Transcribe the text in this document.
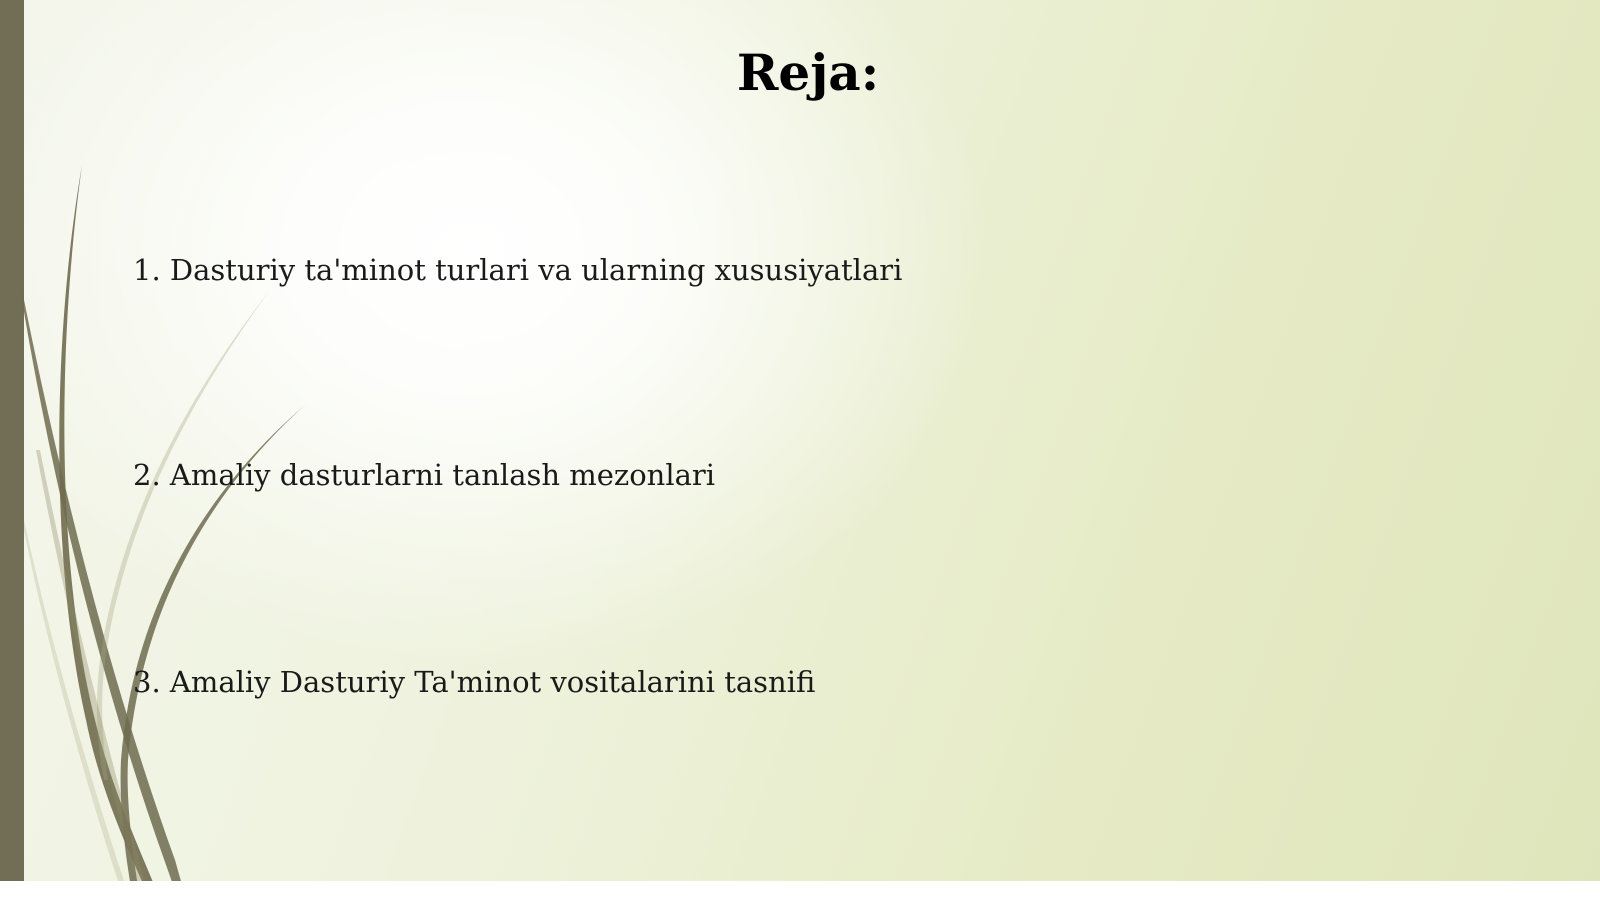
Reja:
1. Dasturiy ta'minot turlari va ularning xususiyatlari
2. Amaliy dasturlarni tanlash mezonlari
3. Amaliy Dasturiy Ta'minot vositalarini tasnifi
